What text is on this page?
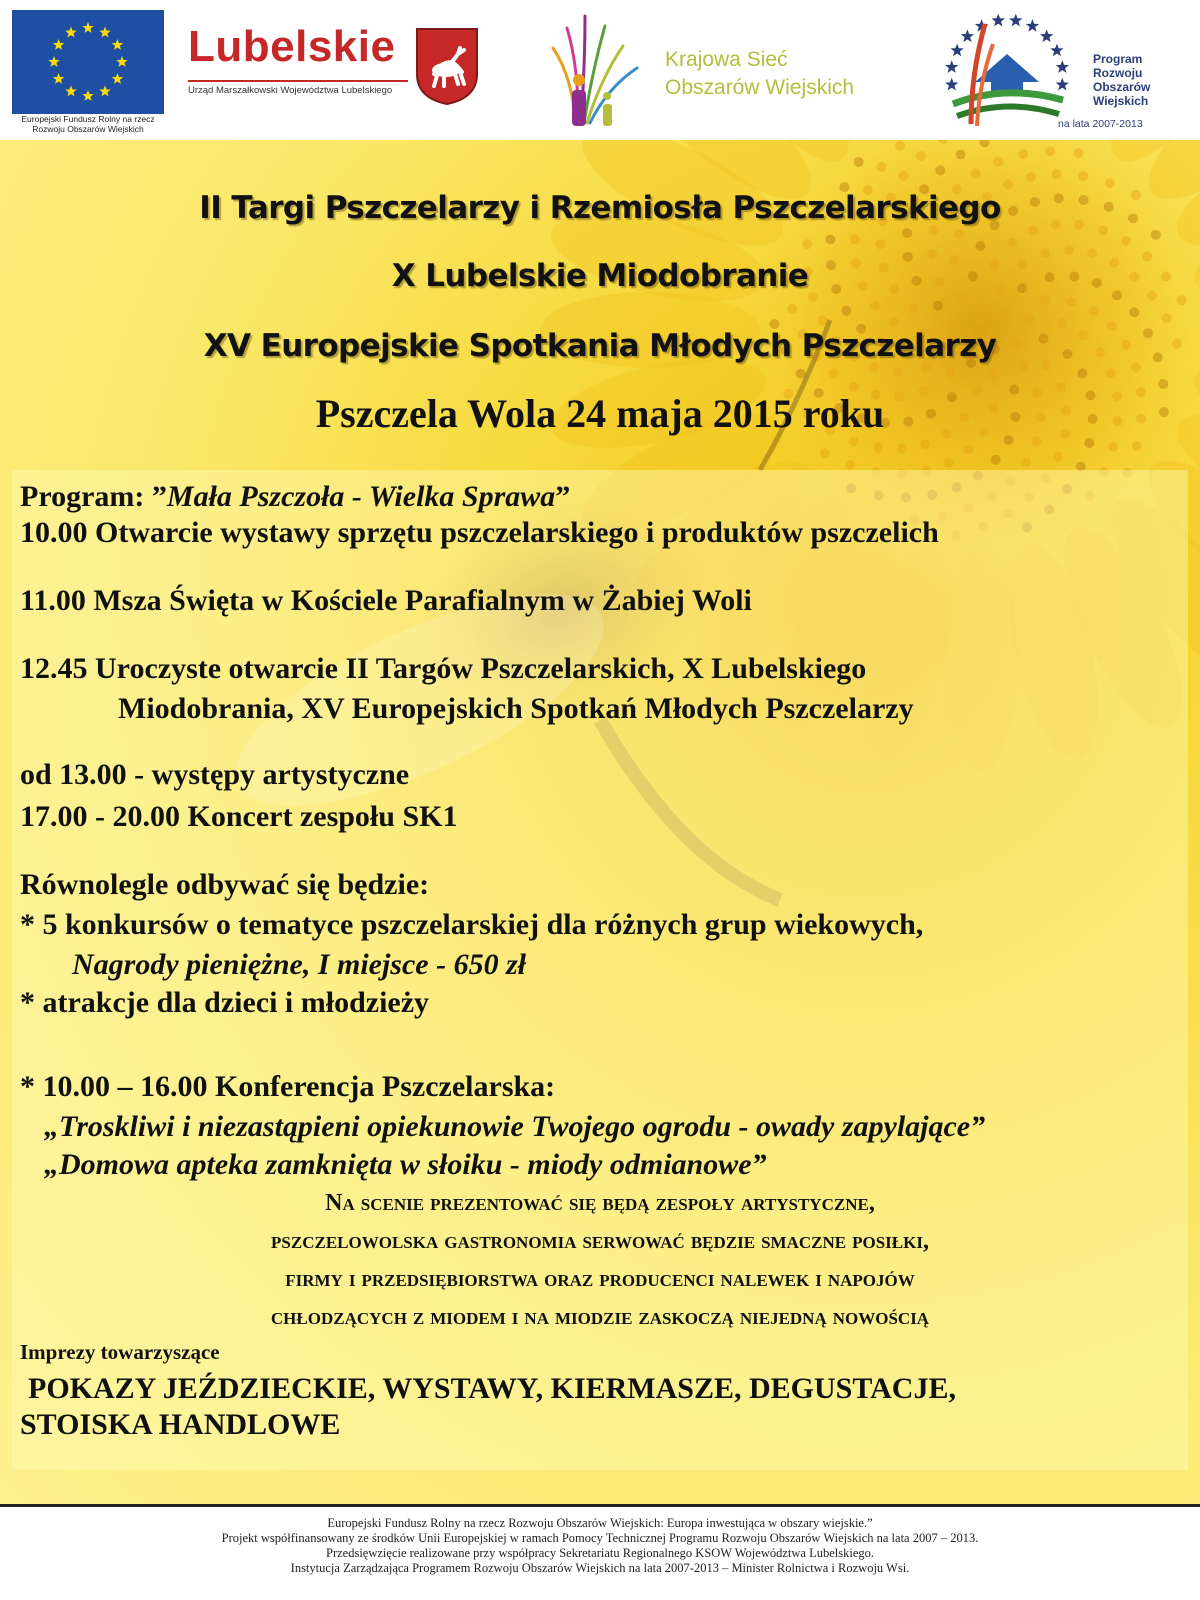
Europejski Fundusz Rolny na rzecz
Rozwoju Obszarów Wiejskich
Lubelskie
Urząd Marszałkowski Województwa Lubelskiego
Krajowa Sieć
Obszarów Wiejskich
Program
Rozwoju
Obszarów
Wiejskich
na lata 2007-2013
II Targi Pszczelarzy i Rzemiosła Pszczelarskiego
X Lubelskie Miodobranie
XV Europejskie Spotkania Młodych Pszczelarzy
Pszczela Wola 24 maja 2015 roku
Program: ”Mała Pszczoła - Wielka Sprawa”
10.00 Otwarcie wystawy sprzętu pszczelarskiego i produktów pszczelich
11.00 Msza Święta w Kościele Parafialnym w Żabiej Woli
12.45 Uroczyste otwarcie II Targów Pszczelarskich, X Lubelskiego
Miodobrania, XV Europejskich Spotkań Młodych Pszczelarzy
od 13.00 - występy artystyczne
17.00 - 20.00 Koncert zespołu SK1
Równolegle odbywać się będzie:
* 5 konkursów o tematyce pszczelarskiej dla różnych grup wiekowych,
Nagrody pieniężne, I miejsce - 650 zł
* atrakcje dla dzieci i młodzieży
* 10.00 – 16.00 Konferencja Pszczelarska:
„Troskliwi i niezastąpieni opiekunowie Twojego ogrodu - owady zapylające”
„Domowa apteka zamknięta w słoiku - miody odmianowe”
Na scenie prezentować się będą zespoły artystyczne,
pszczelowolska gastronomia serwować będzie smaczne posiłki,
firmy i przedsiębiorstwa oraz producenci nalewek i napojów
chłodzących z miodem i na miodzie zaskoczą niejedną nowością
Imprezy towarzyszące
POKAZY JEŹDZIECKIE, WYSTAWY, KIERMASZE, DEGUSTACJE,
STOISKA HANDLOWE
Europejski Fundusz Rolny na rzecz Rozwoju Obszarów Wiejskich: Europa inwestująca w obszary wiejskie.”
Projekt współfinansowany ze środków Unii Europejskiej w ramach Pomocy Technicznej Programu Rozwoju Obszarów Wiejskich na lata 2007 – 2013.
Przedsięwzięcie realizowane przy współpracy Sekretariatu Regionalnego KSOW Województwa Lubelskiego.
Instytucja Zarządzająca Programem Rozwoju Obszarów Wiejskich na lata 2007-2013 – Minister Rolnictwa i Rozwoju Wsi.
